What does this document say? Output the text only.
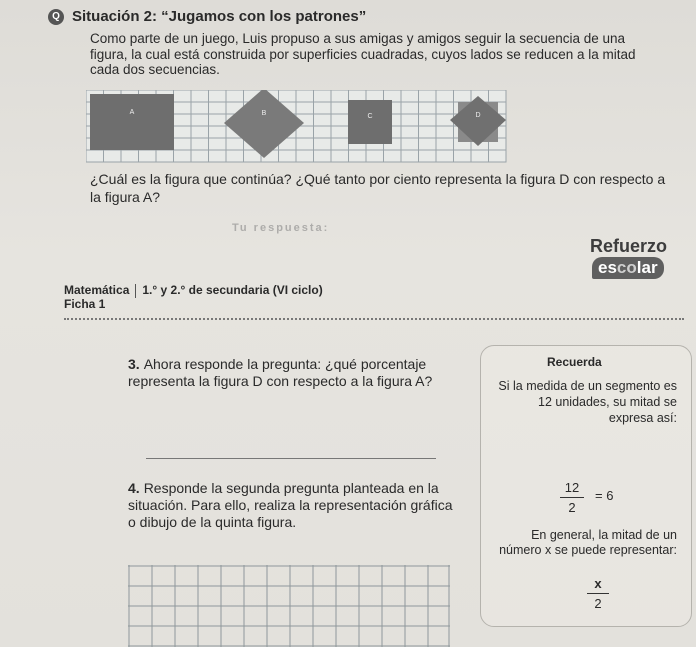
Q Situación 2: “Jugamos con los patrones”
Como parte de un juego, Luis propuso a sus amigas y amigos seguir la secuencia de una figura, la cual está construida por superficies cuadradas, cuyos lados se reducen a la mitad cada dos secuencias.
A	B	C	D
¿Cuál es la figura que continúa? ¿Qué tanto por ciento representa la figura D con respecto a la figura A?
Tu respuesta:
Refuerzo
escolar
Matemática 1.° y 2.° de secundaria (VI ciclo)
Ficha 1
3. Ahora responde la pregunta: ¿qué porcentaje representa la figura D con respecto a la figura A?
4. Responde la segunda pregunta planteada en la situación. Para ello, realiza la representación gráfica o dibujo de la quinta figura.
Recuerda
Si la medida de un segmento es 12 unidades, su mitad se expresa así:
12
2
= 6
En general, la mitad de un número x se puede representar:
x
2
